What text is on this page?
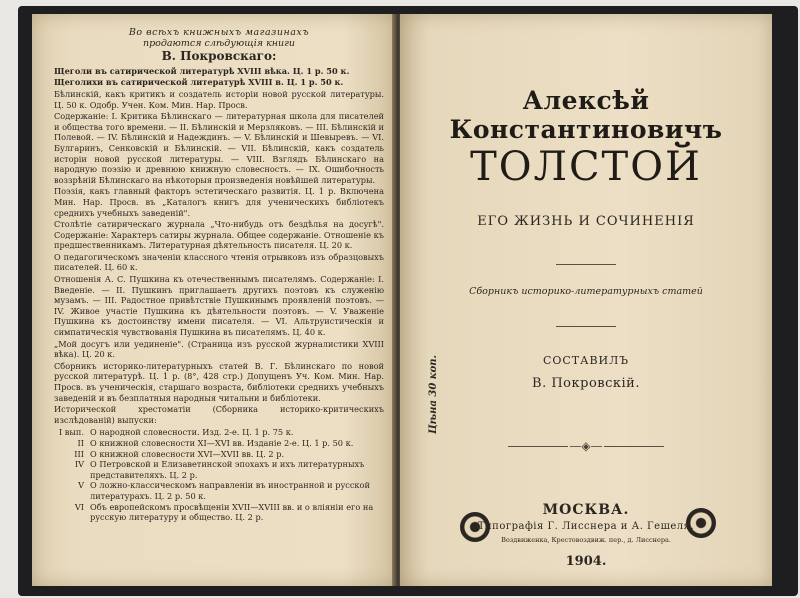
Во всѣхъ книжныхъ магазинахъ
продаются слѣдующія книги
В. Покровскаго:

Щеголи въ сатирической литературѣ XVIII вѣка. Ц. 1 р. 50 к.

Щеголихи въ сатирической литературѣ XVIII в. Ц. 1 р. 50 к.

Бѣлинскій, какъ критикъ и создатель исторіи новой русской литературы. Ц. 50 к. Одобр. Учен. Ком. Мин. Нар. Просв.

Содержаніе: I. Критика Бѣлинскаго — литературная школа для писателей и общества того времени. — II. Бѣлинскій и Мерзляковъ. — III. Бѣлинскій и Полевой. — IV. Бѣлинскій и Надеждинъ. — V. Бѣлинскій и Шевыревъ. — VI. Булгаринъ, Сенковскій и Бѣлинскій. — VII. Бѣлинскій, какъ создатель исторіи новой русской литературы. — VIII. Взглядъ Бѣлинскаго на народную поэзію и древнюю книжную словесность. — IX. Ошибочность воззрѣній Бѣлинскаго на нѣкоторыя произведенія новѣйшей литературы.

Поэзія, какъ главный факторъ эстетическаго развитія. Ц. 1 р. Включена Мин. Нар. Просв. въ „Каталогъ книгъ для ученическихъ библіотекъ среднихъ учебныхъ заведеній".

Столѣтіе сатирическаго журнала „Что-нибудь отъ бездѣлья на досугѣ". Содержаніе: Характеръ сатиры журнала. Общее содержаніе. Отношеніе къ предшественникамъ. Литературная дѣятельность писателя. Ц. 20 к.

О педагогическомъ значеніи классного чтенія отрывковъ изъ образцовыхъ писателей. Ц. 60 к.

Отношенія А. С. Пушкина къ отечественнымъ писателямъ. Содержаніе: I. Введеніе. — II. Пушкинъ приглашаетъ другихъ поэтовъ къ служенію музамъ. — III. Радостное привѣтствіе Пушкинымъ проявленій поэтовъ. — IV. Живое участіе Пушкина къ дѣятельности поэтовъ. — V. Уваженіе Пушкина къ достоинству имени писателя. — VI. Альтруистическія и симпатическія чувствованія Пушкина въ писателямъ. Ц. 40 к.

„Мой досугъ или уединеніе". (Страница изъ русской журналистики XVIII вѣка). Ц. 20 к.

Сборникъ историко-литературныхъ статей В. Г. Бѣлинскаго по новой русской литературѣ. Ц. 1 р. (8°, 428 стр.) Допущенъ Уч. Ком. Мин. Нар. Просв. въ ученическія, старшаго возраста, библіотеки среднихъ учебныхъ заведеній и въ безплатныя народныя читальни и библіотеки.

Исторической хрестоматіи (Сборника историко-критическихъ изслѣдованій) выпуски:

I вып. О народной словесности. Изд. 2-е. Ц. 1 р. 75 к.
II О книжной словесности XI—XVI вв. Изданіе 2-е. Ц. 1 р. 50 к.
III О книжной словесности XVI—XVII вв. Ц. 2 р.
IV О Петровской и Елизаветинской эпохахъ и ихъ литературныхъ представителяхъ. Ц. 2 р.
V О ложно-классическомъ направленіи въ иностранной и русской литературахъ. Ц. 2 р. 50 к.
VI Объ европейскомъ просвѣщеніи XVII—XVIII вв. и о вліяніи его на русскую литературу и общество. Ц. 2 р.
Алексѣй Константиновичъ
ТОЛСТОЙ
ЕГО ЖИЗНЬ И СОЧИНЕНІЯ
Сборникъ историко-литературныхъ статей
СОСТАВИЛЪ
В. Покровскій.
Цѣна 30 коп.
—◈—
МОСКВА.
Типографія Г. Лисснера и А. Гешеля.
Воздвиженка, Крестовоздвиж. пер., д. Лисснера.
1904.
